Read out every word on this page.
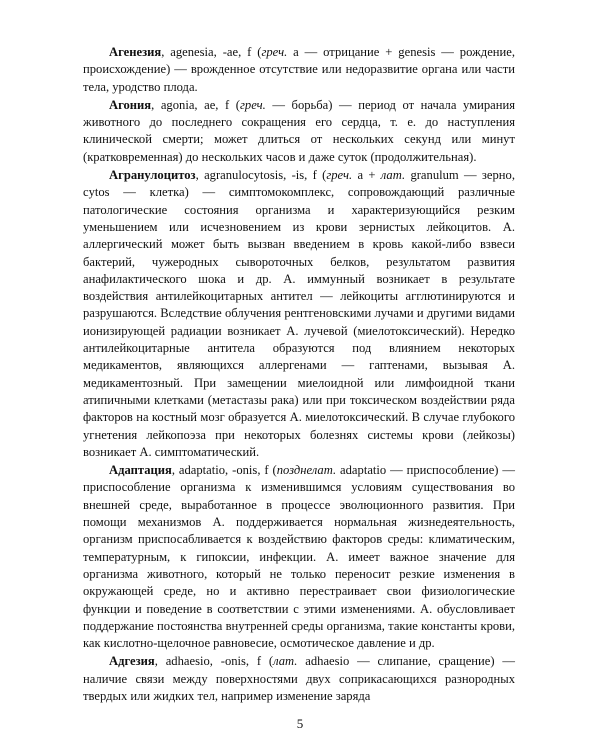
Агенезия, agenesia, -ae, f (греч. а — отрицание + genesis — рождение, происхождение) — врожденное отсутствие или недоразвитие органа или части тела, уродство плода.

Агония, agonia, ae, f (греч. — борьба) — период от начала умирания животного до последнего сокращения его сердца, т. е. до наступления клинической смерти; может длиться от нескольких секунд или минут (кратковременная) до нескольких часов и даже суток (продолжительная).

Агранулоцитоз, agranulocytosis, -is, f (греч. а + лат. granulum — зерно, cytos — клетка) — симптомокомплекс, сопровождающий различные патологические состояния организма и характеризующийся резким уменьшением или исчезновением из крови зернистых лейкоцитов. А. аллергический может быть вызван введением в кровь какой-либо взвеси бактерий, чужеродных сывороточных белков, результатом развития анафилактического шока и др. А. иммунный возникает в результате воздействия антилейкоцитарных антител — лейкоциты агглютинируются и разрушаются. Вследствие облучения рентгеновскими лучами и другими видами ионизирующей радиации возникает А. лучевой (миелотоксический). Нередко антилейкоцитарные антитела образуются под влиянием некоторых медикаментов, являющихся аллергенами — гаптенами, вызывая А. медикаментозный. При замещении миелоидной или лимфоидной ткани атипичными клетками (метастазы рака) или при токсическом воздействии ряда факторов на костный мозг образуется А. миелотоксический. В случае глубокого угнетения лейкопоэза при некоторых болезнях системы крови (лейкозы) возникает А. симптоматический.

Адаптация, adaptatio, -onis, f (позднелат. adaptatio — приспособление) — приспособление организма к изменившимся условиям существования во внешней среде, выработанное в процессе эволюционного развития. При помощи механизмов А. поддерживается нормальная жизнедеятельность, организм приспосабливается к воздействию факторов среды: климатическим, температурным, к гипоксии, инфекции. А. имеет важное значение для организма животного, который не только переносит резкие изменения в окружающей среде, но и активно перестраивает свои физиологические функции и поведение в соответствии с этими изменениями. А. обусловливает поддержание постоянства внутренней среды организма, такие константы крови, как кислотно-щелочное равновесие, осмотическое давление и др.

Адгезия, adhaesio, -onis, f (лат. adhaesio — слипание, сращение) — наличие связи между поверхностями двух соприкасающихся разнородных твердых или жидких тел, например изменение заряда

5
